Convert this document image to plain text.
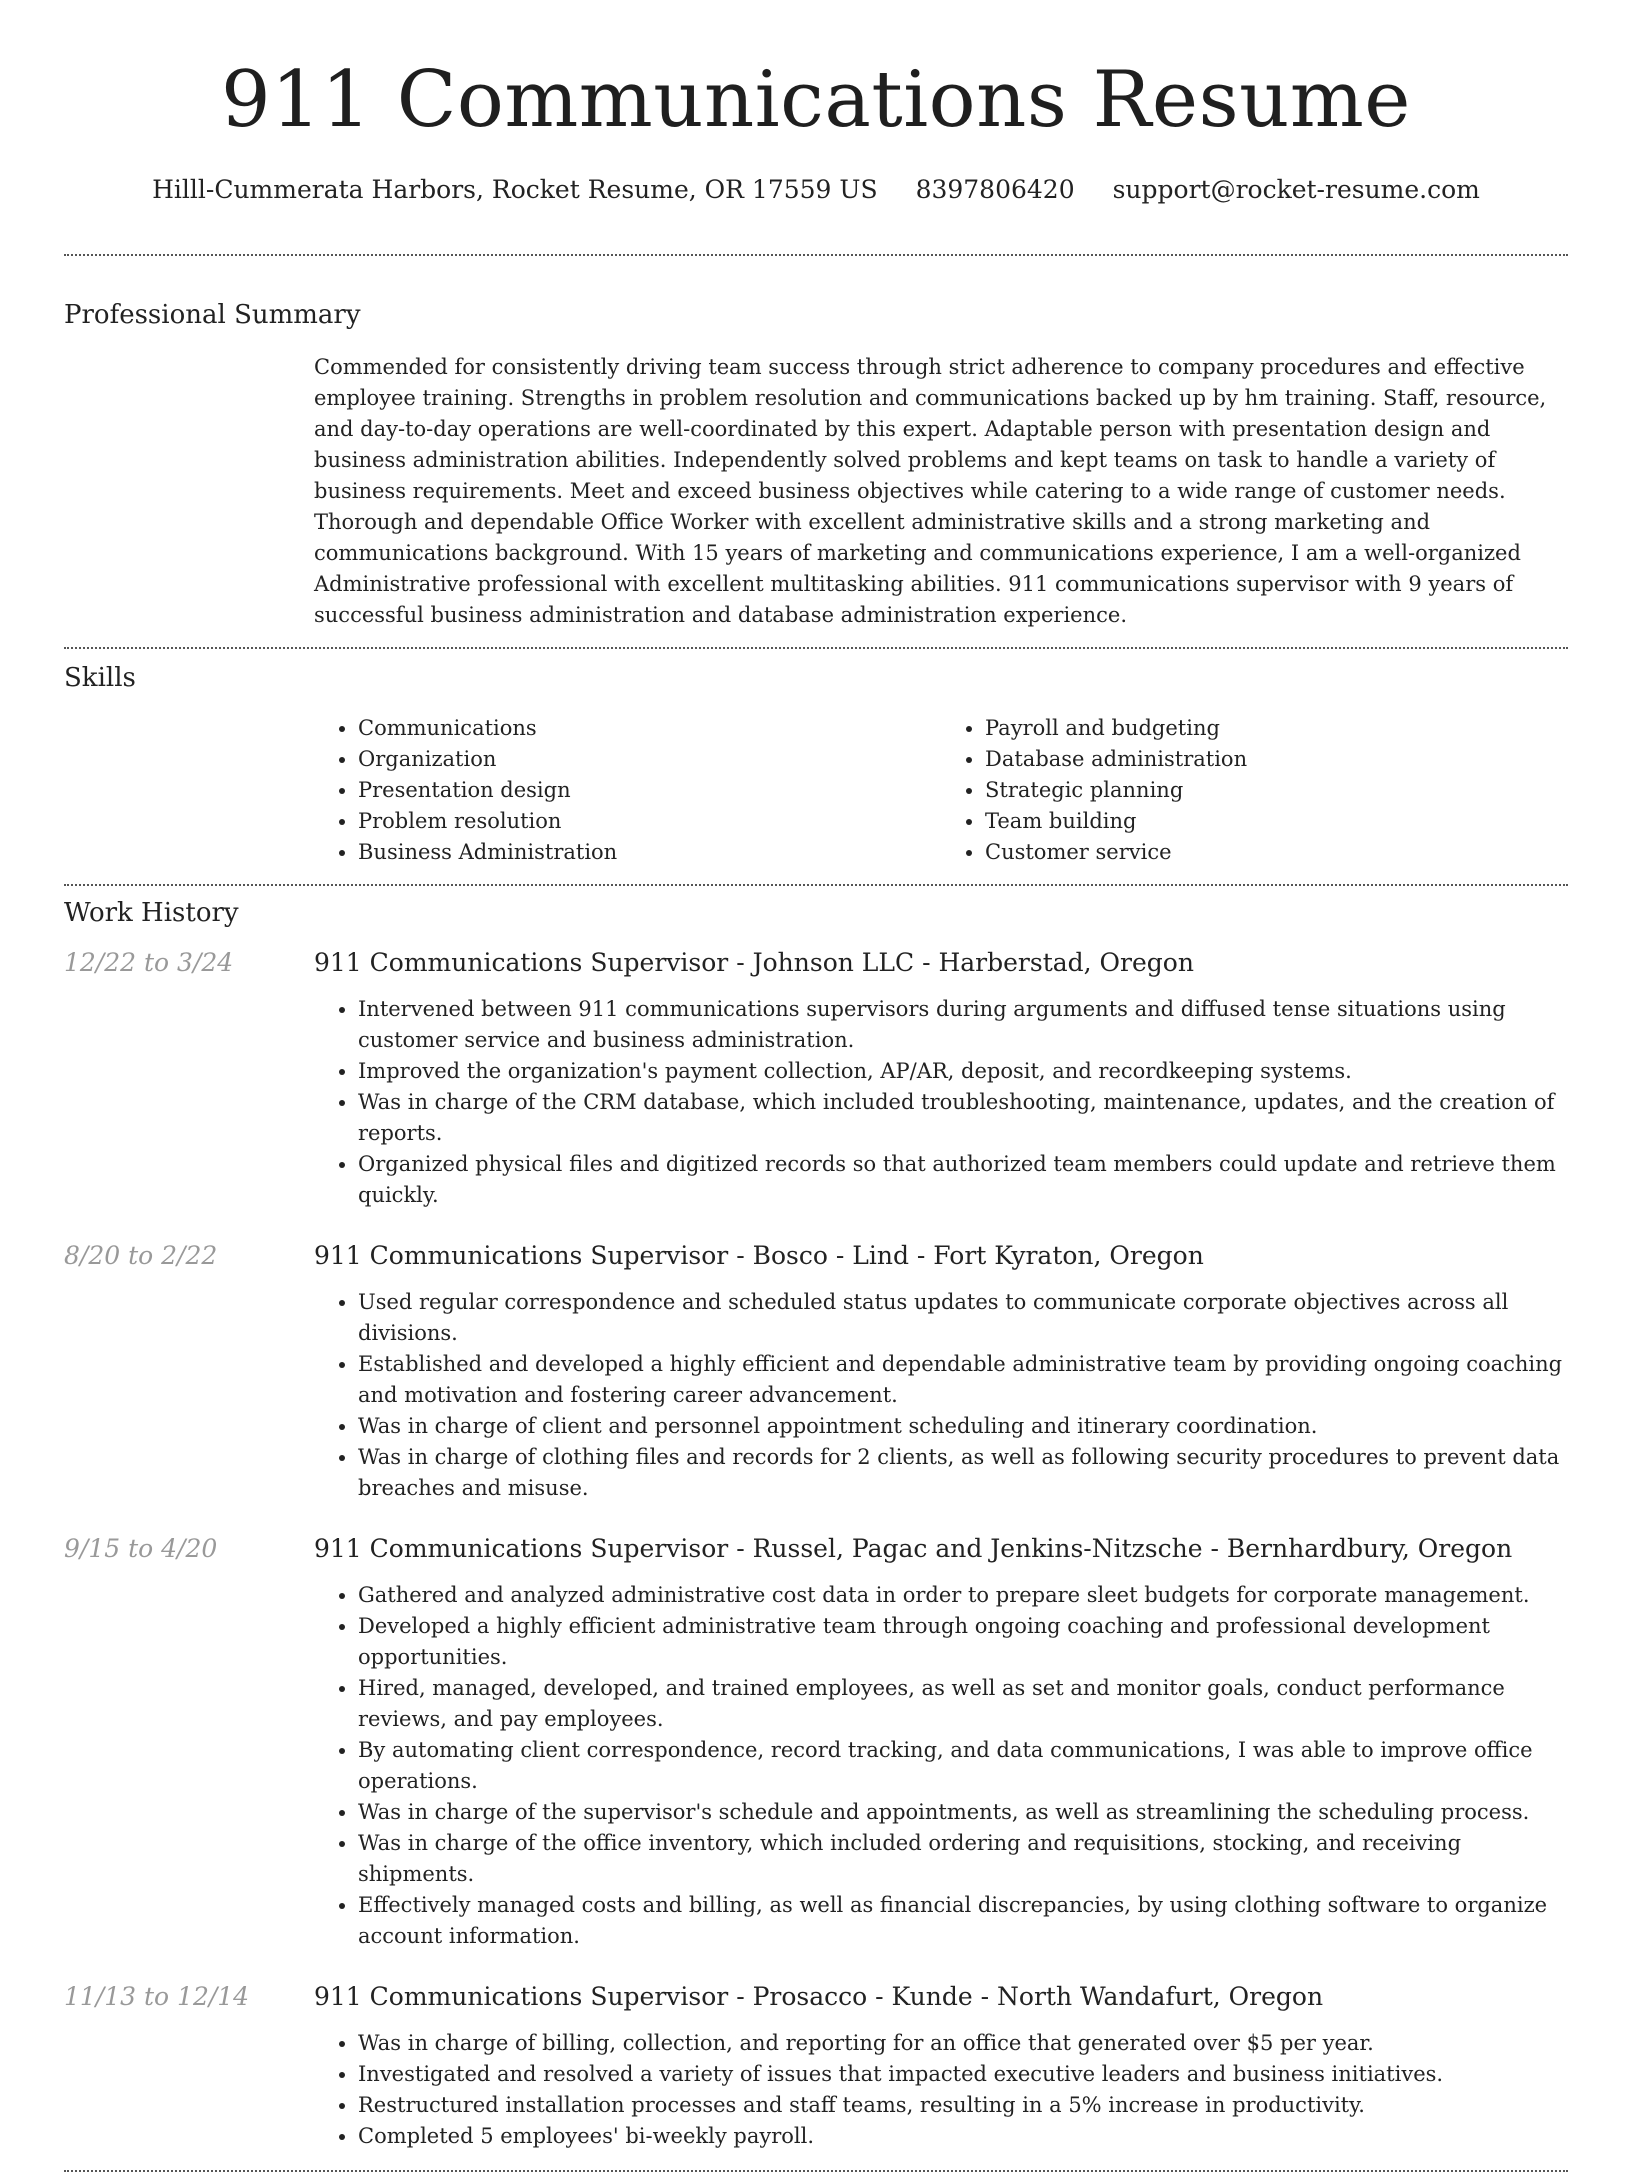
911 Communications Resume
Hilll-Cummerata Harbors, Rocket Resume, OR 17559 US 8397806420 support@rocket-resume.com
Professional Summary
Commended for consistently driving team success through strict adherence to company procedures and effective employee training. Strengths in problem resolution and communications backed up by hm training. Staff, resource, and day-to-day operations are well-coordinated by this expert. Adaptable person with presentation design and business administration abilities. Independently solved problems and kept teams on task to handle a variety of business requirements. Meet and exceed business objectives while catering to a wide range of customer needs. Thorough and dependable Office Worker with excellent administrative skills and a strong marketing and communications background. With 15 years of marketing and communications experience, I am a well-organized Administrative professional with excellent multitasking abilities. 911 communications supervisor with 9 years of successful business administration and database administration experience.
Skills
• Communications
• Organization
• Presentation design
• Problem resolution
• Business Administration
• Payroll and budgeting
• Database administration
• Strategic planning
• Team building
• Customer service
Work History
12/22 to 3/24	911 Communications Supervisor - Johnson LLC - Harberstad, Oregon
• Intervened between 911 communications supervisors during arguments and diffused tense situations using customer service and business administration.
• Improved the organization's payment collection, AP/AR, deposit, and recordkeeping systems.
• Was in charge of the CRM database, which included troubleshooting, maintenance, updates, and the creation of reports.
• Organized physical files and digitized records so that authorized team members could update and retrieve them quickly.
8/20 to 2/22	911 Communications Supervisor - Bosco - Lind - Fort Kyraton, Oregon
• Used regular correspondence and scheduled status updates to communicate corporate objectives across all divisions.
• Established and developed a highly efficient and dependable administrative team by providing ongoing coaching and motivation and fostering career advancement.
• Was in charge of client and personnel appointment scheduling and itinerary coordination.
• Was in charge of clothing files and records for 2 clients, as well as following security procedures to prevent data breaches and misuse.
9/15 to 4/20	911 Communications Supervisor - Russel, Pagac and Jenkins-Nitzsche - Bernhardbury, Oregon
• Gathered and analyzed administrative cost data in order to prepare sleet budgets for corporate management.
• Developed a highly efficient administrative team through ongoing coaching and professional development opportunities.
• Hired, managed, developed, and trained employees, as well as set and monitor goals, conduct performance reviews, and pay employees.
• By automating client correspondence, record tracking, and data communications, I was able to improve office operations.
• Was in charge of the supervisor's schedule and appointments, as well as streamlining the scheduling process.
• Was in charge of the office inventory, which included ordering and requisitions, stocking, and receiving shipments.
• Effectively managed costs and billing, as well as financial discrepancies, by using clothing software to organize account information.
11/13 to 12/14	911 Communications Supervisor - Prosacco - Kunde - North Wandafurt, Oregon
• Was in charge of billing, collection, and reporting for an office that generated over $5 per year.
• Investigated and resolved a variety of issues that impacted executive leaders and business initiatives.
• Restructured installation processes and staff teams, resulting in a 5% increase in productivity.
• Completed 5 employees' bi-weekly payroll.
